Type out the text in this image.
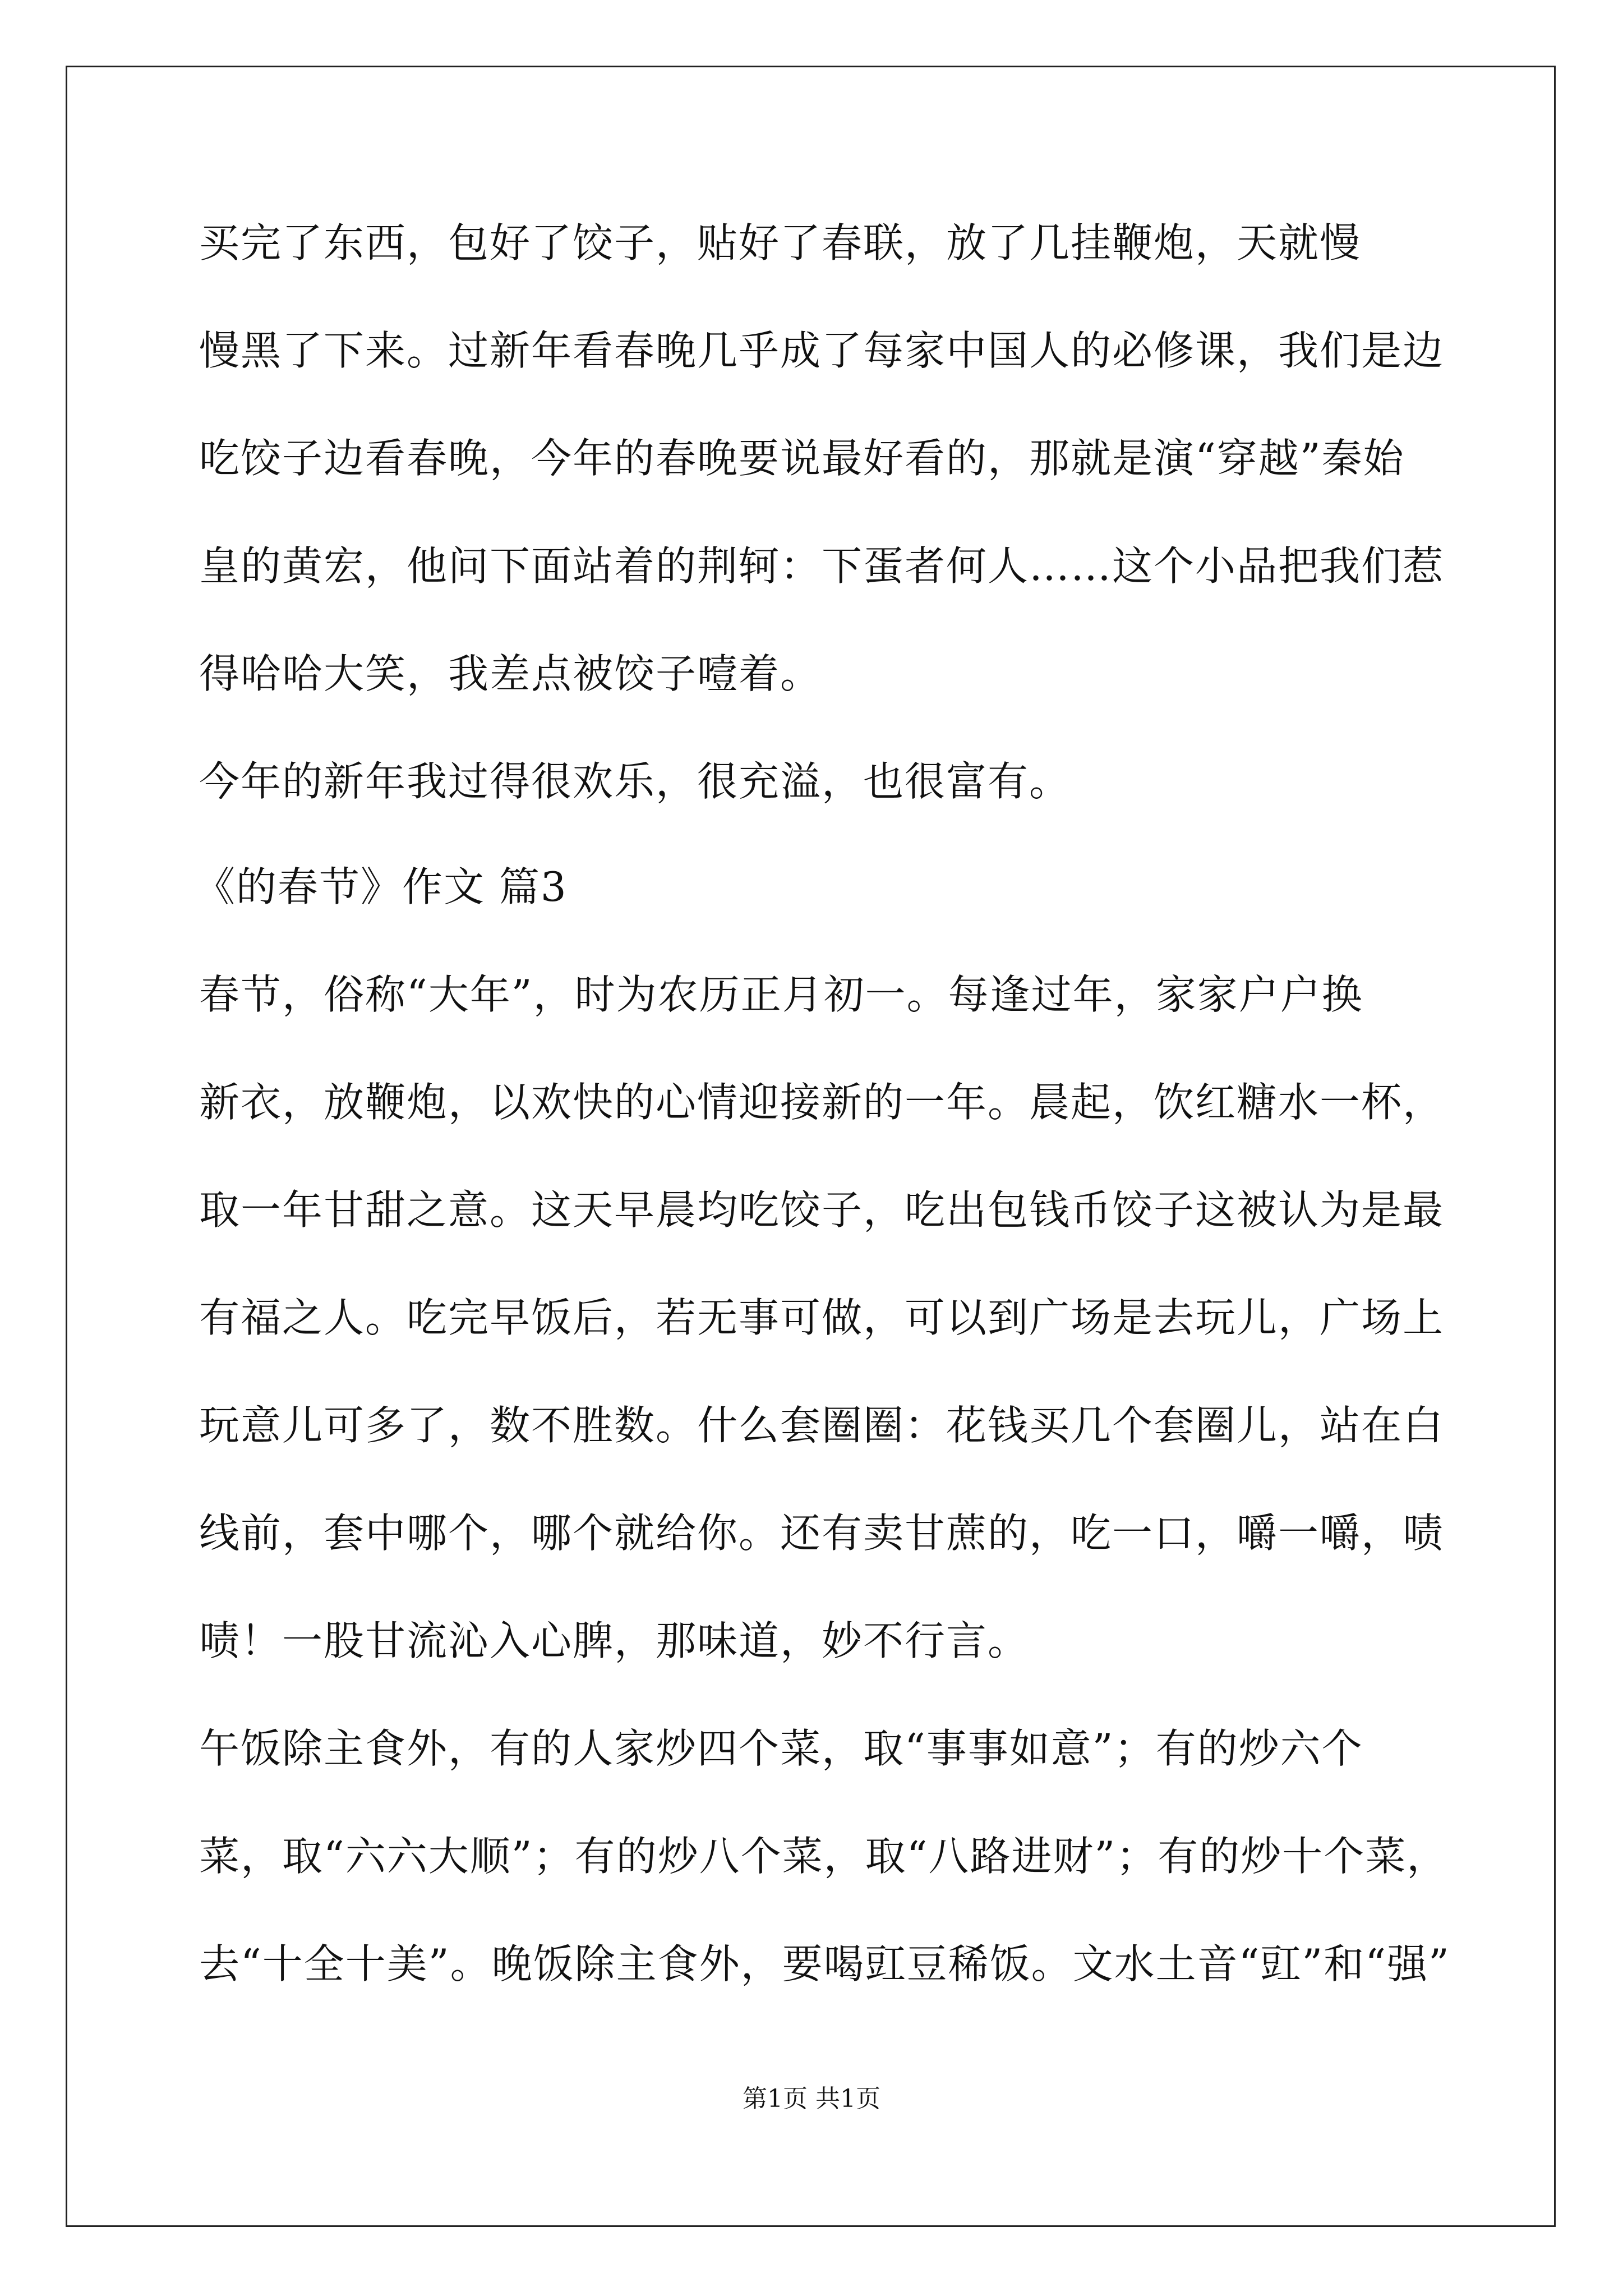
买完了东西，包好了饺子，贴好了春联，放了几挂鞭炮，天就慢
慢黑了下来。过新年看春晚几乎成了每家中国人的必修课，我们是边
吃饺子边看春晚，今年的春晚要说最好看的，那就是演“穿越”秦始
皇的黄宏，他问下面站着的荆轲：下蛋者何人……这个小品把我们惹
得哈哈大笑，我差点被饺子噎着。
今年的新年我过得很欢乐，很充溢，也很富有。
《的春节》作文 篇3
春节，俗称“大年”，时为农历正月初一。每逢过年，家家户户换
新衣，放鞭炮，以欢快的心情迎接新的一年。晨起，饮红糖水一杯，
取一年甘甜之意。这天早晨均吃饺子，吃出包钱币饺子这被认为是最
有福之人。吃完早饭后，若无事可做，可以到广场是去玩儿，广场上
玩意儿可多了，数不胜数。什么套圈圈：花钱买几个套圈儿，站在白
线前，套中哪个，哪个就给你。还有卖甘蔗的，吃一口，嚼一嚼，啧
啧！一股甘流沁入心脾，那味道，妙不行言。
午饭除主食外，有的人家炒四个菜，取“事事如意”；有的炒六个
菜，取“六六大顺”；有的炒八个菜，取“八路进财”；有的炒十个菜，
去“十全十美”。晚饭除主食外，要喝豇豆稀饭。文水土音“豇”和“强”
第1页 共1页
